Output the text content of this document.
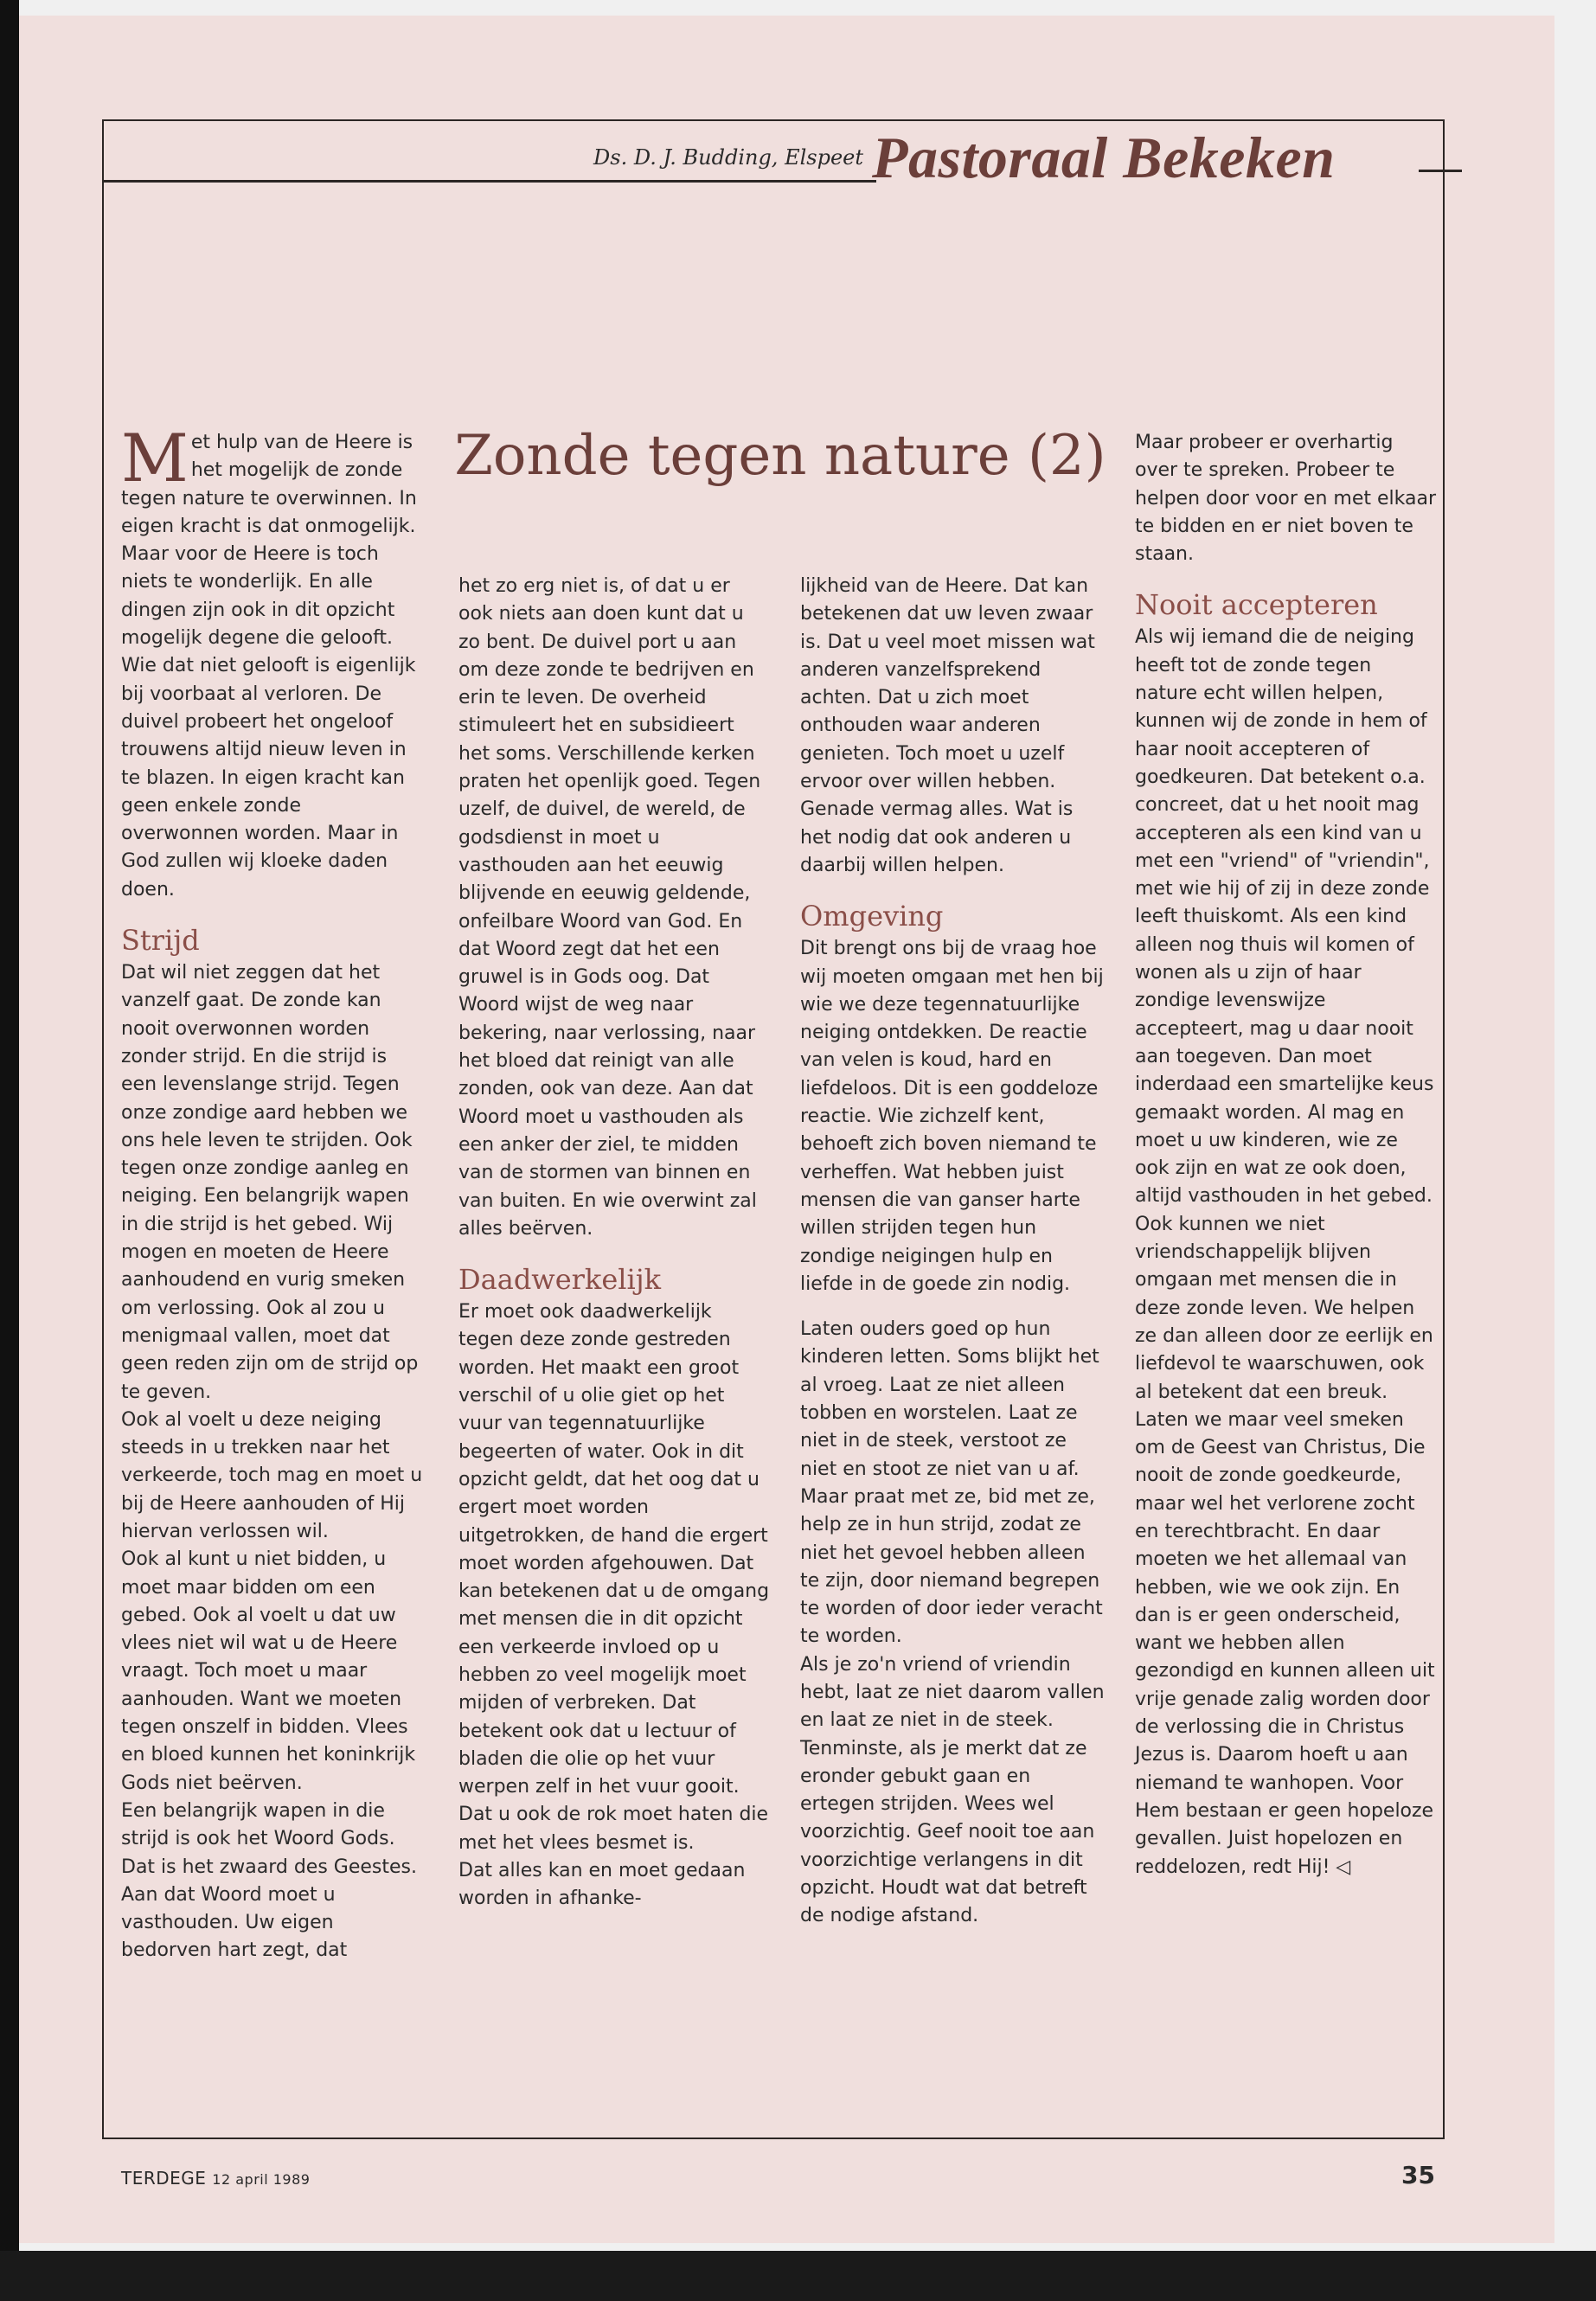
Ds. D. J. Budding, Elspeet Pastoraal Bekeken
Zonde tegen nature (2)

Met hulp van de Heere is het mogelijk de zonde tegen nature te overwinnen. In eigen kracht is dat onmogelijk. Maar voor de Heere is toch niets te wonderlijk. En alle dingen zijn ook in dit opzicht mogelijk degene die gelooft. Wie dat niet gelooft is eigenlijk bij voorbaat al verloren. De duivel probeert het ongeloof trouwens altijd nieuw leven in te blazen. In eigen kracht kan geen enkele zonde overwonnen worden. Maar in God zullen wij kloeke daden doen.

Strijd

Dat wil niet zeggen dat het vanzelf gaat. De zonde kan nooit overwonnen worden zonder strijd. En die strijd is een levenslange strijd. Tegen onze zondige aard hebben we ons hele leven te strijden. Ook tegen onze zondige aanleg en neiging. Een belangrijk wapen in die strijd is het gebed. Wij mogen en moeten de Heere aanhoudend en vurig smeken om verlossing. Ook al zou u menigmaal vallen, moet dat geen reden zijn om de strijd op te geven.

Ook al voelt u deze neiging steeds in u trekken naar het verkeerde, toch mag en moet u bij de Heere aanhouden of Hij hiervan verlossen wil.

Ook al kunt u niet bidden, u moet maar bidden om een gebed. Ook al voelt u dat uw vlees niet wil wat u de Heere vraagt. Toch moet u maar aanhouden. Want we moeten tegen onszelf in bidden. Vlees en bloed kunnen het koninkrijk Gods niet beërven.

Een belangrijk wapen in die strijd is ook het Woord Gods. Dat is het zwaard des Geestes. Aan dat Woord moet u vasthouden. Uw eigen bedorven hart zegt, dat

het zo erg niet is, of dat u er ook niets aan doen kunt dat u zo bent. De duivel port u aan om deze zonde te bedrijven en erin te leven. De overheid stimuleert het en subsidieert het soms. Verschillende kerken praten het openlijk goed. Tegen uzelf, de duivel, de wereld, de godsdienst in moet u vasthouden aan het eeuwig blijvende en eeuwig geldende, onfeilbare Woord van God. En dat Woord zegt dat het een gruwel is in Gods oog. Dat Woord wijst de weg naar bekering, naar verlossing, naar het bloed dat reinigt van alle zonden, ook van deze. Aan dat Woord moet u vasthouden als een anker der ziel, te midden van de stormen van binnen en van buiten. En wie overwint zal alles beërven.

Daadwerkelijk

Er moet ook daadwerkelijk tegen deze zonde gestreden worden. Het maakt een groot verschil of u olie giet op het vuur van tegennatuurlijke begeerten of water. Ook in dit opzicht geldt, dat het oog dat u ergert moet worden uitgetrokken, de hand die ergert moet worden afgehouwen. Dat kan betekenen dat u de omgang met mensen die in dit opzicht een verkeerde invloed op u hebben zo veel mogelijk moet mijden of verbreken. Dat betekent ook dat u lectuur of bladen die olie op het vuur werpen zelf in het vuur gooit. Dat u ook de rok moet haten die met het vlees besmet is.

Dat alles kan en moet gedaan worden in afhanke-

lijkheid van de Heere. Dat kan betekenen dat uw leven zwaar is. Dat u veel moet missen wat anderen vanzelfsprekend achten. Dat u zich moet onthouden waar anderen genieten. Toch moet u uzelf ervoor over willen hebben. Genade vermag alles. Wat is het nodig dat ook anderen u daarbij willen helpen.

Omgeving

Dit brengt ons bij de vraag hoe wij moeten omgaan met hen bij wie we deze tegennatuurlijke neiging ontdekken. De reactie van velen is koud, hard en liefdeloos. Dit is een goddeloze reactie. Wie zichzelf kent, behoeft zich boven niemand te verheffen. Wat hebben juist mensen die van ganser harte willen strijden tegen hun zondige neigingen hulp en liefde in de goede zin nodig.

Laten ouders goed op hun kinderen letten. Soms blijkt het al vroeg. Laat ze niet alleen tobben en worstelen. Laat ze niet in de steek, verstoot ze niet en stoot ze niet van u af. Maar praat met ze, bid met ze, help ze in hun strijd, zodat ze niet het gevoel hebben alleen te zijn, door niemand begrepen te worden of door ieder veracht te worden.

Als je zo'n vriend of vriendin hebt, laat ze niet daarom vallen en laat ze niet in de steek. Tenminste, als je merkt dat ze eronder gebukt gaan en ertegen strijden. Wees wel voorzichtig. Geef nooit toe aan voorzichtige verlangens in dit opzicht. Houdt wat dat betreft de nodige afstand.

Maar probeer er overhartig over te spreken. Probeer te helpen door voor en met elkaar te bidden en er niet boven te staan.

Nooit accepteren

Als wij iemand die de neiging heeft tot de zonde tegen nature echt willen helpen, kunnen wij de zonde in hem of haar nooit accepteren of goedkeuren. Dat betekent o.a. concreet, dat u het nooit mag accepteren als een kind van u met een "vriend" of "vriendin", met wie hij of zij in deze zonde leeft thuiskomt. Als een kind alleen nog thuis wil komen of wonen als u zijn of haar zondige levenswijze accepteert, mag u daar nooit aan toegeven. Dan moet inderdaad een smartelijke keus gemaakt worden. Al mag en moet u uw kinderen, wie ze ook zijn en wat ze ook doen, altijd vasthouden in het gebed.

Ook kunnen we niet vriendschappelijk blijven omgaan met mensen die in deze zonde leven. We helpen ze dan alleen door ze eerlijk en liefdevol te waarschuwen, ook al betekent dat een breuk.

Laten we maar veel smeken om de Geest van Christus, Die nooit de zonde goedkeurde, maar wel het verlorene zocht en terechtbracht. En daar moeten we het allemaal van hebben, wie we ook zijn. En dan is er geen onderscheid, want we hebben allen gezondigd en kunnen alleen uit vrije genade zalig worden door de verlossing die in Christus Jezus is. Daarom hoeft u aan niemand te wanhopen. Voor Hem bestaan er geen hopeloze gevallen. Juist hopelozen en reddelozen, redt Hij! ◁

TERDEGE 12 april 1989	35
